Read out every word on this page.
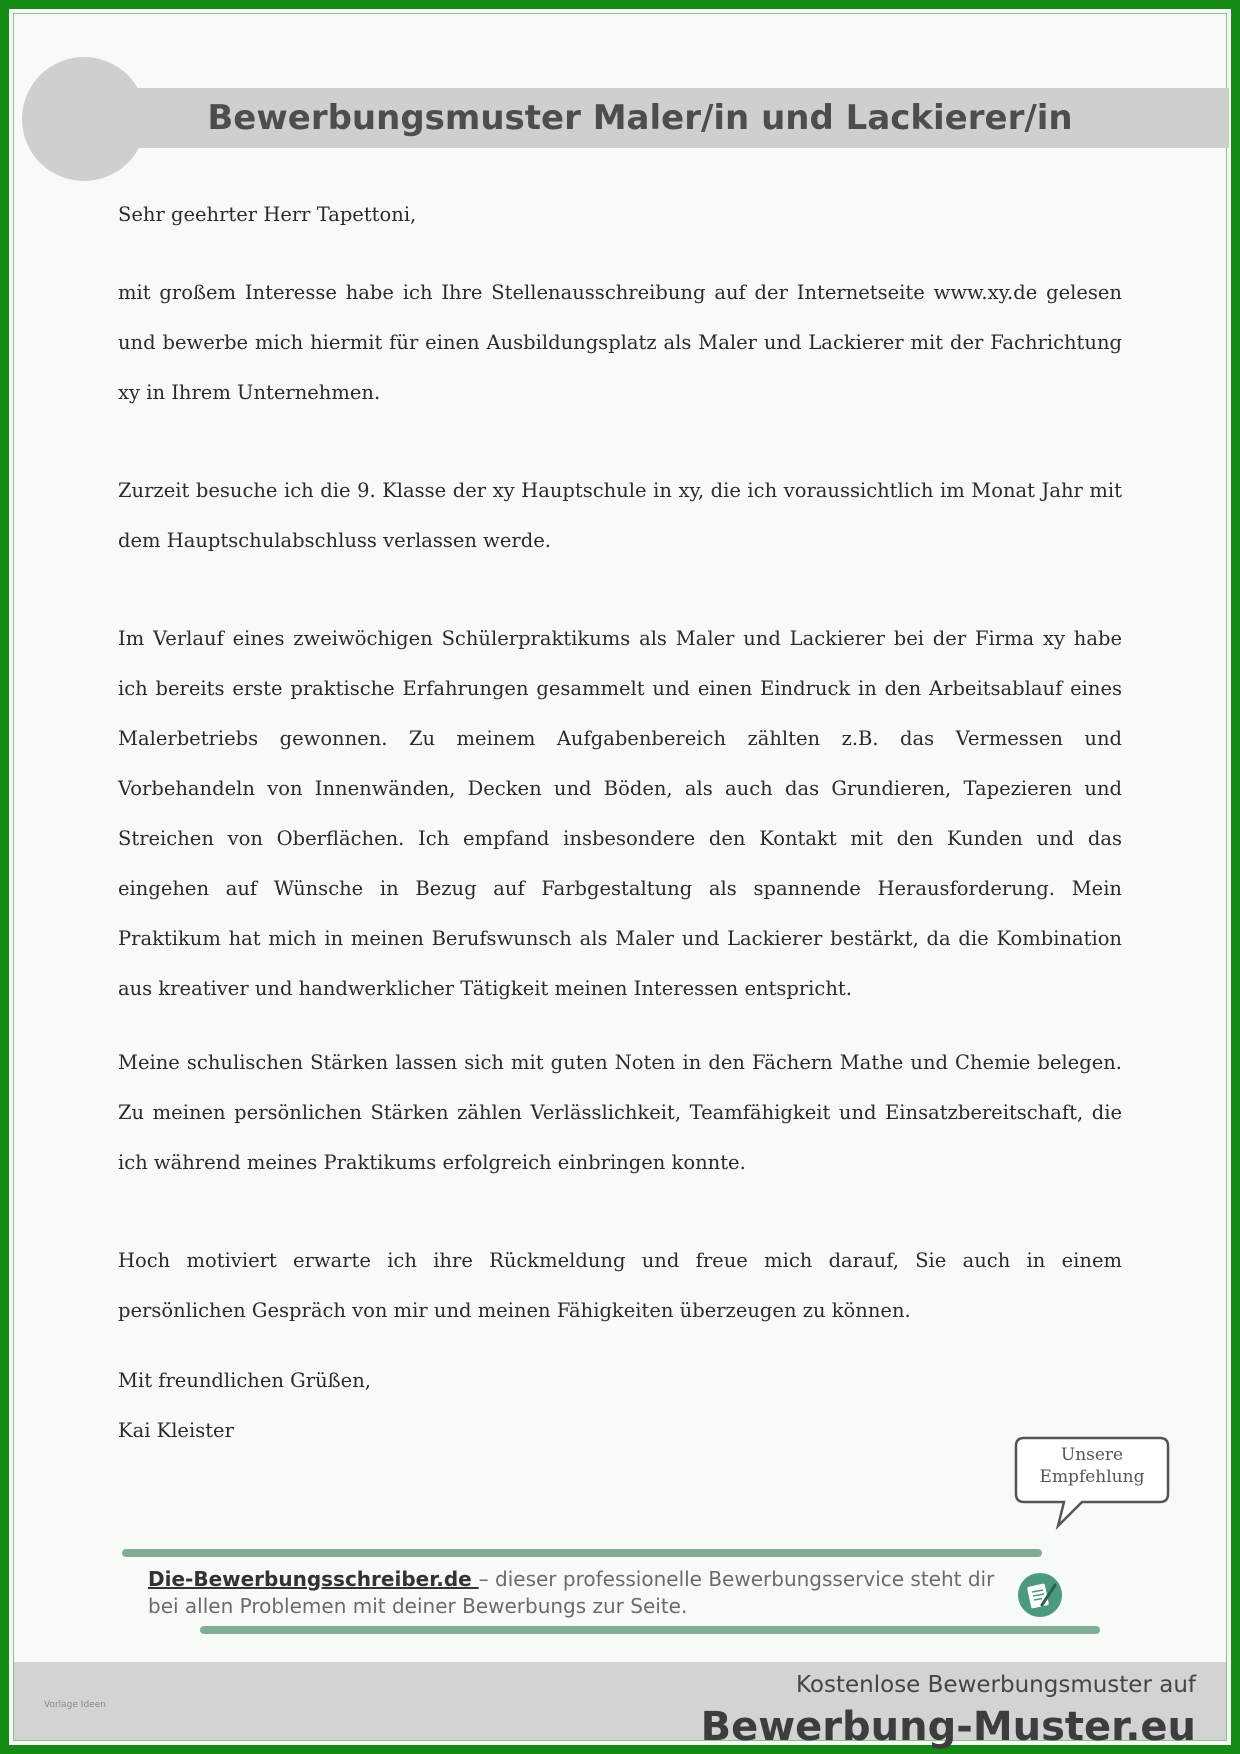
Bewerbungsmuster Maler/in und Lackierer/in

Sehr geehrter Herr Tapettoni,

mit großem Interesse habe ich Ihre Stellenausschreibung auf der Internetseite www.xy.de gelesen und bewerbe mich hiermit für einen Ausbildungsplatz als Maler und Lackierer mit der Fachrichtung xy in Ihrem Unternehmen.

Zurzeit besuche ich die 9. Klasse der xy Hauptschule in xy, die ich voraussichtlich im Monat Jahr mit dem Hauptschulabschluss verlassen werde.

Im Verlauf eines zweiwöchigen Schülerpraktikums als Maler und Lackierer bei der Firma xy habe ich bereits erste praktische Erfahrungen gesammelt und einen Eindruck in den Arbeitsablauf eines Malerbetriebs gewonnen. Zu meinem Aufgabenbereich zählten z.B. das Vermessen und Vorbehandeln von Innenwänden, Decken und Böden, als auch das Grundieren, Tapezieren und Streichen von Oberflächen. Ich empfand insbesondere den Kontakt mit den Kunden und das eingehen auf Wünsche in Bezug auf Farbgestaltung als spannende Herausforderung. Mein Praktikum hat mich in meinen Berufswunsch als Maler und Lackierer bestärkt, da die Kombination aus kreativer und handwerklicher Tätigkeit meinen Interessen entspricht.

Meine schulischen Stärken lassen sich mit guten Noten in den Fächern Mathe und Chemie belegen. Zu meinen persönlichen Stärken zählen Verlässlichkeit, Teamfähigkeit und Einsatzbereitschaft, die ich während meines Praktikums erfolgreich einbringen konnte.

Hoch motiviert erwarte ich ihre Rückmeldung und freue mich darauf, Sie auch in einem persönlichen Gespräch von mir und meinen Fähigkeiten überzeugen zu können.

Mit freundlichen Grüßen,

Kai Kleister

Unsere
Empfehlung
Die-Bewerbungsschreiber.de – dieser professionelle Bewerbungsservice steht dir bei allen Problemen mit deiner Bewerbungs zur Seite.
Vorlage Ideen
Kostenlose Bewerbungsmuster auf
Bewerbung-Muster.eu
